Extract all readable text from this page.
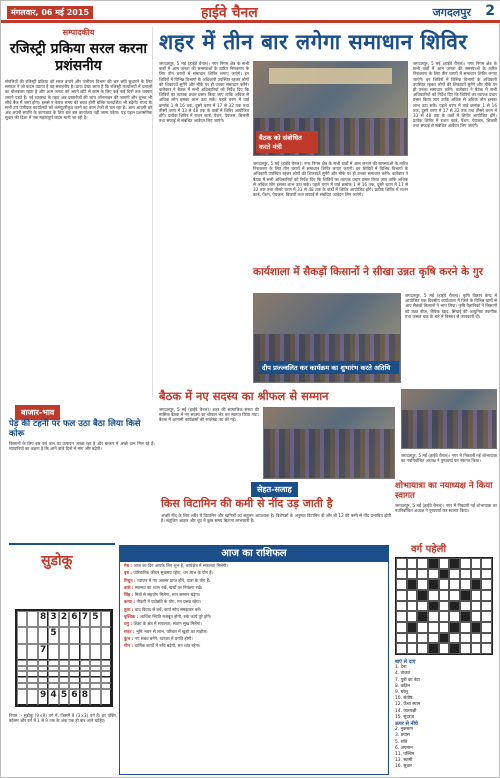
मंगलवार, 06 मई 2015	हाईवे चैनल	जगदलपुर 2
सम्पादकीय
रजिस्ट्री प्रकिया सरल करना प्रशंसनीय
संपत्तियों की रजिस्ट्री प्रक्रिया को सरल बनाने और पंजीयन विभाग की भ्रष्ट छवि सुधारने के लिए सरकार ने जो कदम उठाया है वह सराहनीय है। प्रायः देखा जाता है कि रजिस्ट्री कार्यालयों में दलालों का बोलबाला रहता है और आम जनता को अपने छोटे से काम के लिए कई कई दिनों तक चक्कर लगाने पड़ते हैं। नई व्यवस्था के तहत अब दस्तावेजों की जांच ऑनलाइन की जाएगी और शुल्क भी सीधे बैंक में जमा होगा। इससे न केवल समय की बचत होगी बल्कि पारदर्शिता भी बढ़ेगी। राज्य के सभी उप पंजीयक कार्यालयों को कम्प्यूटरीकृत करने का काम तेजी से चल रहा है। आम आदमी को अब अपनी संपत्ति के कागजात के लिए बार बार कार्यालय नहीं जाना पड़ेगा। यह पहल प्रशासनिक सुधार की दिशा में एक महत्वपूर्ण कदम मानी जा रही है।
शहर में तीन बार लगेगा समाधान शिविर
जगदलपुर, 5 मई (हाईवे चैनल)। नगर निगम क्षेत्र के सभी वार्डों में आम जनता की समस्याओं के त्वरित निराकरण के लिए तीन चरणों में समाधान शिविर लगाए जाएंगे। इन शिविरों में विभिन्न विभागों के अधिकारी उपस्थित रहकर लोगों की शिकायतें सुनेंगे और मौके पर ही उनका समाधान करेंगे। कलेक्टर ने बैठक में सभी अधिकारियों को निर्देश दिए कि शिविरों का व्यापक प्रचार प्रसार किया जाए ताकि अधिक से अधिक लोग इसका लाभ उठा सकें। पहले चरण में वार्ड क्रमांक 1 से 16 तक, दूसरे चरण में 17 से 32 तक तथा तीसरे चरण में 33 से 48 तक के वार्डों में शिविर आयोजित होंगे। प्रत्येक शिविर में राशन कार्ड, पेंशन, पेयजल, बिजली तथा सफाई से संबंधित आवेदन लिए जाएंगे।
बैठक को संबोधित करते मंत्री
जगदलपुर, 5 मई (हाईवे चैनल)। नगर निगम क्षेत्र के सभी वार्डों में आम जनता की समस्याओं के त्वरित निराकरण के लिए तीन चरणों में समाधान शिविर लगाए जाएंगे। इन शिविरों में विभिन्न विभागों के अधिकारी उपस्थित रहकर लोगों की शिकायतें सुनेंगे और मौके पर ही उनका समाधान करेंगे। कलेक्टर ने बैठक में सभी अधिकारियों को निर्देश दिए कि शिविरों का व्यापक प्रचार प्रसार किया जाए ताकि अधिक से अधिक लोग इसका लाभ उठा सकें। पहले चरण में वार्ड क्रमांक 1 से 16 तक, दूसरे चरण में 17 से 32 तक तथा तीसरे चरण में 33 से 48 तक के वार्डों में शिविर आयोजित होंगे। प्रत्येक शिविर में राशन कार्ड, पेंशन, पेयजल, बिजली तथा सफाई से संबंधित आवेदन लिए जाएंगे।
जगदलपुर, 5 मई (हाईवे चैनल)। नगर निगम क्षेत्र के सभी वार्डों में आम जनता की समस्याओं के त्वरित निराकरण के लिए तीन चरणों में समाधान शिविर लगाए जाएंगे। इन शिविरों में विभिन्न विभागों के अधिकारी उपस्थित रहकर लोगों की शिकायतें सुनेंगे और मौके पर ही उनका समाधान करेंगे। कलेक्टर ने बैठक में सभी अधिकारियों को निर्देश दिए कि शिविरों का व्यापक प्रचार प्रसार किया जाए ताकि अधिक से अधिक लोग इसका लाभ उठा सकें। पहले चरण में वार्ड क्रमांक 1 से 16 तक, दूसरे चरण में 17 से 32 तक तथा तीसरे चरण में 33 से 48 तक के वार्डों में शिविर आयोजित होंगे। प्रत्येक शिविर में राशन कार्ड, पेंशन, पेयजल, बिजली तथा सफाई से संबंधित आवेदन लिए जाएंगे।
कार्यशाला में सैकड़ों किसानों ने सीखा उन्नत कृषि करने के गुर
दीप प्रज्ज्वलित कर कार्यक्रम का शुभारंभ करते अतिथि
जगदलपुर, 5 मई (हाईवे चैनल)। कृषि विज्ञान केन्द्र में आयोजित एक दिवसीय कार्यशाला में जिले के विभिन्न ग्रामों से आए सैकड़ों किसानों ने भाग लिया। कृषि वैज्ञानिकों ने किसानों को उन्नत बीज, जैविक खाद, सिंचाई की आधुनिक तकनीक तथा फसल चक्र के बारे में विस्तार से जानकारी दी।
बैठक में नए सदस्य का श्रीफल से सम्मान
जगदलपुर, 5 मई (हाईवे चैनल)। शहर की सामाजिक संस्था की मासिक बैठक में नए सदस्य का श्रीफल भेंट कर स्वागत किया गया। बैठक में आगामी कार्यक्रमों की रूपरेखा तय की गई।
जगदलपुर, 5 मई (हाईवे चैनल)। नगर में निकाली गई शोभायात्रा का नवनिर्वाचित अध्यक्ष ने पुष्पवर्षा कर स्वागत किया।
बाजार-भाव
पेड़ की टहनी पर फल उठा बैठा लिया किसे कोरू
किसानों के लिए इस वर्ष फल का उत्पादन अच्छा रहा है और बाजार में अच्छे दाम मिल रहे हैं। व्यापारियों का कहना है कि आने वाले दिनों में मांग और बढ़ेगी।
सेहत-सलाह
किस विटामिन की कमी से नींद उड़ जाती है
अच्छी नींद के लिए शरीर में विटामिन और खनिजों का संतुलन आवश्यक है। विशेषज्ञों के अनुसार विटामिन डी और बी 12 की कमी से नींद प्रभावित होती है। संतुलित आहार और धूप में कुछ समय बिताना लाभकारी है।
शोभायात्रा का नयाध्यक्ष ने किया स्वागत
जगदलपुर, 5 मई (हाईवे चैनल)। नगर में निकाली गई शोभायात्रा का नवनिर्वाचित अध्यक्ष ने पुष्पवर्षा कर स्वागत किया।
सुडोकू
8 3 2 6 7 5
5
7
9 4 5 6 8
नियम :- सुडोकू (9×9) वर्ग में, जिसमें 9 (3×3) वर्ग हैं। हर पंक्ति, कॉलम और वर्ग में 1 से 9 तक के अंक एक ही बार आने चाहिए।
आज का राशिफल
मेष : आज का दिन आपके लिए शुभ है, कार्यक्षेत्र में सफलता मिलेगी।
वृष : पारिवारिक जीवन सुखमय रहेगा, धन लाभ के योग हैं।
मिथुन : व्यापार में नए अवसर प्राप्त होंगे, यात्रा के योग हैं।
कर्क : स्वास्थ्य का ध्यान रखें, खर्चों पर नियंत्रण रखें।
सिंह : मित्रों से सहयोग मिलेगा, मान सम्मान बढ़ेगा।
कन्या : नौकरी में पदोन्नति के योग, मन प्रसन्न रहेगा।
तुला : वाद विवाद से बचें, कार्य सोच समझकर करें।
वृश्चिक : आर्थिक स्थिति मजबूत होगी, रुके कार्य पूरे होंगे।
धनु : शिक्षा के क्षेत्र में सफलता, संतान सुख मिलेगा।
मकर : भूमि भवन से लाभ, परिवार में खुशी का माहौल।
कुंभ : नए संबंध बनेंगे, व्यापार में प्रगति होगी।
मीन : धार्मिक कार्यों में रुचि बढ़ेगी, मन शांत रहेगा।
वर्ग पहेली
बाएं से दाएं
1. देना
4. ताकत
7. पुत्री का बेटा
8. कठिन
9. घरेलू
10. संतोष
12. ऊँचा स्थान
14. जलपक्षी
15. सुंदरता
ऊपर से नीचे
2. नुकसान
3. प्रयास
5. रात्रि
6. अपमान
11. पश्चिम
13. स्वामी
16. सुधार
